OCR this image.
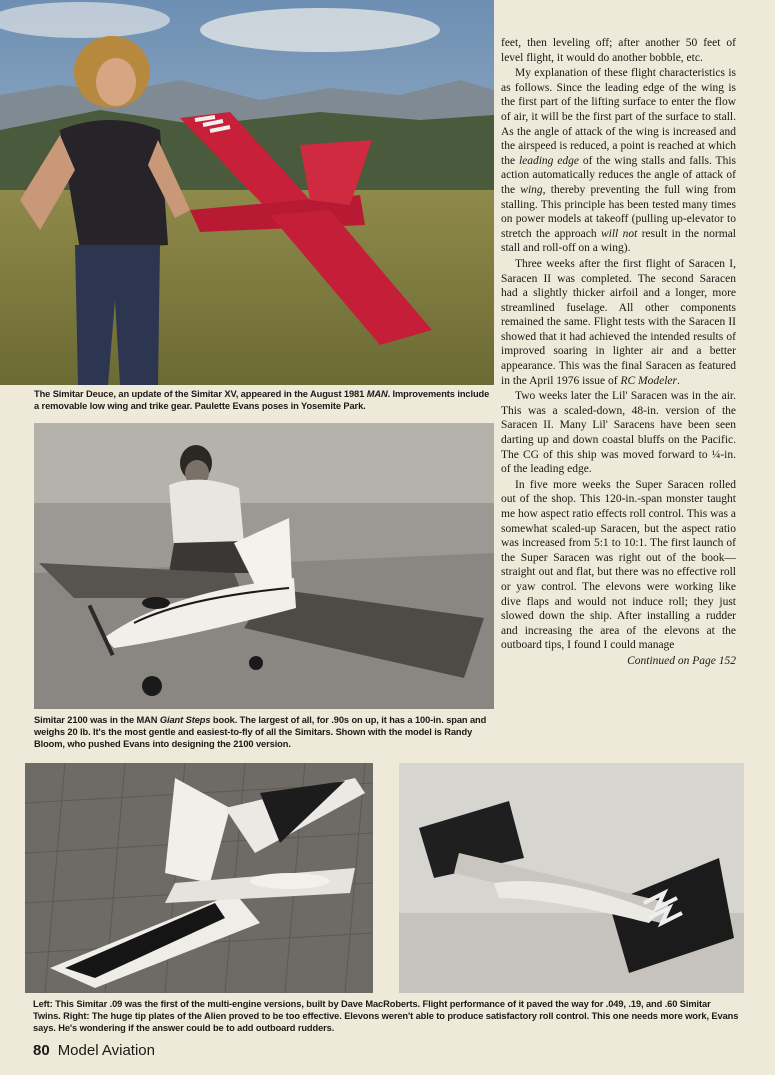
The Simitar Deuce, an update of the Simitar XV, appeared in the August 1981 MAN. Improvements include a removable low wing and trike gear. Paulette Evans poses in Yosemite Park.
Simitar 2100 was in the MAN Giant Steps book. The largest of all, for .90s on up, it has a 100-in. span and weighs 20 lb. It's the most gentle and easiest-to-fly of all the Simitars. Shown with the model is Randy Bloom, who pushed Evans into designing the 2100 version.
Left: This Simitar .09 was the first of the multi-engine versions, built by Dave MacRoberts. Flight performance of it paved the way for .049, .19, and .60 Simitar Twins. Right: The huge tip plates of the Alien proved to be too effective. Elevons weren't able to produce satisfactory roll control. This one needs more work, Evans says. He's wondering if the answer could be to add outboard rudders.

feet, then leveling off; after another 50 feet of level flight, it would do another bobble, etc.

My explanation of these flight characteristics is as follows. Since the leading edge of the wing is the first part of the lifting surface to enter the flow of air, it will be the first part of the surface to stall. As the angle of attack of the wing is increased and the airspeed is reduced, a point is reached at which the leading edge of the wing stalls and falls. This action automatically reduces the angle of attack of the wing, thereby preventing the full wing from stalling. This principle has been tested many times on power models at takeoff (pulling up-elevator to stretch the approach will not result in the normal stall and roll-off on a wing).

Three weeks after the first flight of Saracen I, Saracen II was completed. The second Saracen had a slightly thicker airfoil and a longer, more streamlined fuselage. All other components remained the same. Flight tests with the Saracen II showed that it had achieved the intended results of improved soaring in lighter air and a better appearance. This was the final Saracen as featured in the April 1976 issue of RC Modeler.

Two weeks later the Lil' Saracen was in the air. This was a scaled-down, 48-in. version of the Saracen II. Many Lil' Saracens have been seen darting up and down coastal bluffs on the Pacific. The CG of this ship was moved forward to ¼-in. of the leading edge.

In five more weeks the Super Saracen rolled out of the shop. This 120-in.-span monster taught me how aspect ratio effects roll control. This was a somewhat scaled-up Saracen, but the aspect ratio was increased from 5:1 to 10:1. The first launch of the Super Saracen was right out of the book—straight out and flat, but there was no effective roll or yaw control. The elevons were working like dive flaps and would not induce roll; they just slowed down the ship. After installing a rudder and increasing the area of the elevons at the outboard tips, I found I could manage

Continued on Page 152
80 Model Aviation
